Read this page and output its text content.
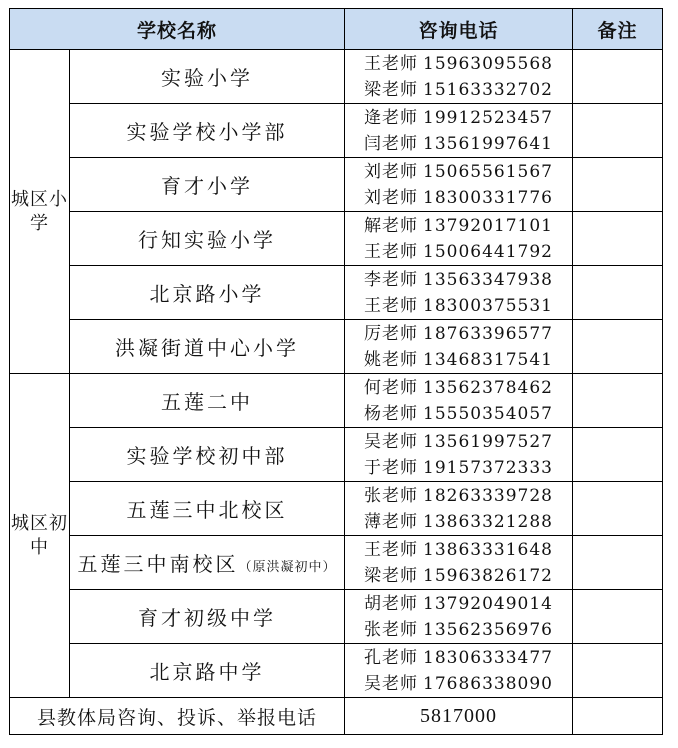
学校名称		咨询电话	备注
城区小学	实验小学	王老师 15963095568
梁老师 15163332702	

	实验学校小学部	逄老师 19912523457
闫老师 13561997641	

	育才小学	刘老师 15065561567
刘老师 18300331776	

	行知实验小学	解老师 13792017101
王老师 15006441792	

	北京路小学	李老师 13563347938
王老师 18300375531	

	洪凝街道中心小学	厉老师 18763396577
姚老师 13468317541	

城区初中	五莲二中	何老师 13562378462
杨老师 15550354057	

	实验学校初中部	吴老师 13561997527
于老师 19157372333	

	五莲三中北校区	张老师 18263339728
薄老师 13863321288	

	五莲三中南校区（原洪凝初中）	王老师 13863331648
梁老师 15963826172	

	育才初级中学	胡老师 13792049014
张老师 13562356976	

	北京路中学	孔老师 18306333477
吴老师 17686338090	

县教体局咨询、投诉、举报电话		5817000	
